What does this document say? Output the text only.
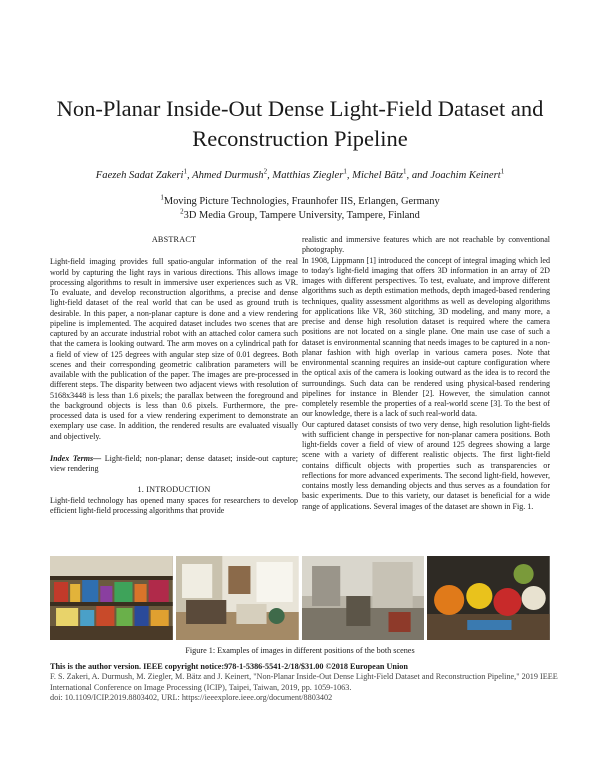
Non-Planar Inside-Out Dense Light-Field Dataset and Reconstruction Pipeline
Faezeh Sadat Zakeri$^1$, Ahmed Durmush$^2$, Matthias Ziegler$^1$, Michel Bätz$^1$, and Joachim Keinert$^1$
$^1$Moving Picture Technologies, Fraunhofer IIS, Erlangen, Germany
$^2$3D Media Group, Tampere University, Tampere, Finland

ABSTRACT

Light-field imaging provides full spatio-angular information of the real world by capturing the light rays in various directions. This allows image processing algorithms to result in immersive user experiences such as VR. To evaluate, and develop reconstruction algorithms, a precise and dense light-field dataset of the real world that can be used as ground truth is desirable. In this paper, a non-planar capture is done and a view rendering pipeline is implemented. The acquired dataset includes two scenes that are captured by an accurate industrial robot with an attached color camera such that the camera is looking outward. The arm moves on a cylindrical path for a field of view of 125 degrees with angular step size of 0.01 degrees. Both scenes and their corresponding geometric calibration parameters will be available with the publication of the paper. The images are pre-processed in different steps. The disparity between two adjacent views with resolution of 5168x3448 is less than 1.6 pixels; the parallax between the foreground and the background objects is less than 0.6 pixels. Furthermore, the pre-processed data is used for a view rendering experiment to demonstrate an exemplary use case. In addition, the rendered results are evaluated visually and objectively.

Index Terms— Light-field; non-planar; dense dataset; inside-out capture; view rendering

1. INTRODUCTION

Light-field technology has opened many spaces for researchers to develop efficient light-field processing algorithms that provide

realistic and immersive features which are not reachable by conventional photography.

In 1908, Lippmann [1] introduced the concept of integral imaging which led to today's light-field imaging that offers 3D information in an array of 2D images with different perspectives. To test, evaluate, and improve different algorithms such as depth estimation methods, depth imaged-based rendering techniques, quality assessment algorithms as well as developing algorithms for applications like VR, 360 stitching, 3D modeling, and many more, a precise and dense high resolution dataset is required where the camera positions are not located on a single plane. One main use case of such a dataset is environmental scanning that needs images to be captured in a non-planar fashion with high overlap in various camera poses. Note that environmental scanning requires an inside-out capture configuration where the optical axis of the camera is looking outward as the idea is to record the surroundings. Such data can be rendered using physical-based rendering pipelines for instance in Blender [2]. However, the simulation cannot completely resemble the properties of a real-world scene [3]. To the best of our knowledge, there is a lack of such real-world data.

Our captured dataset consists of two very dense, high resolution light-fields with sufficient change in perspective for non-planar camera positions. Both light-fields cover a field of view of around 125 degrees showing a large scene with a variety of different realistic objects. The first light-field contains difficult objects with properties such as transparencies or reflections for more advanced experiments. The second light-field, however, contains mostly less demanding objects and thus serves as a foundation for basic experiments. Due to this variety, our dataset is beneficial for a wide range of applications. Several images of the dataset are shown in Fig. 1.

Figure 1: Examples of images in different positions of the both scenes

This is the author version. IEEE copyright notice:978-1-5386-5541-2/18/$31.00 ©2018 European Union

F. S. Zakeri, A. Durmush, M. Ziegler, M. Bätz and J. Keinert, "Non-Planar Inside-Out Dense Light-Field Dataset and Reconstruction Pipeline," 2019 IEEE International Conference on Image Processing (ICIP), Taipei, Taiwan, 2019, pp. 1059-1063.

doi: 10.1109/ICIP.2019.8803402, URL: https://ieeexplore.ieee.org/document/8803402
